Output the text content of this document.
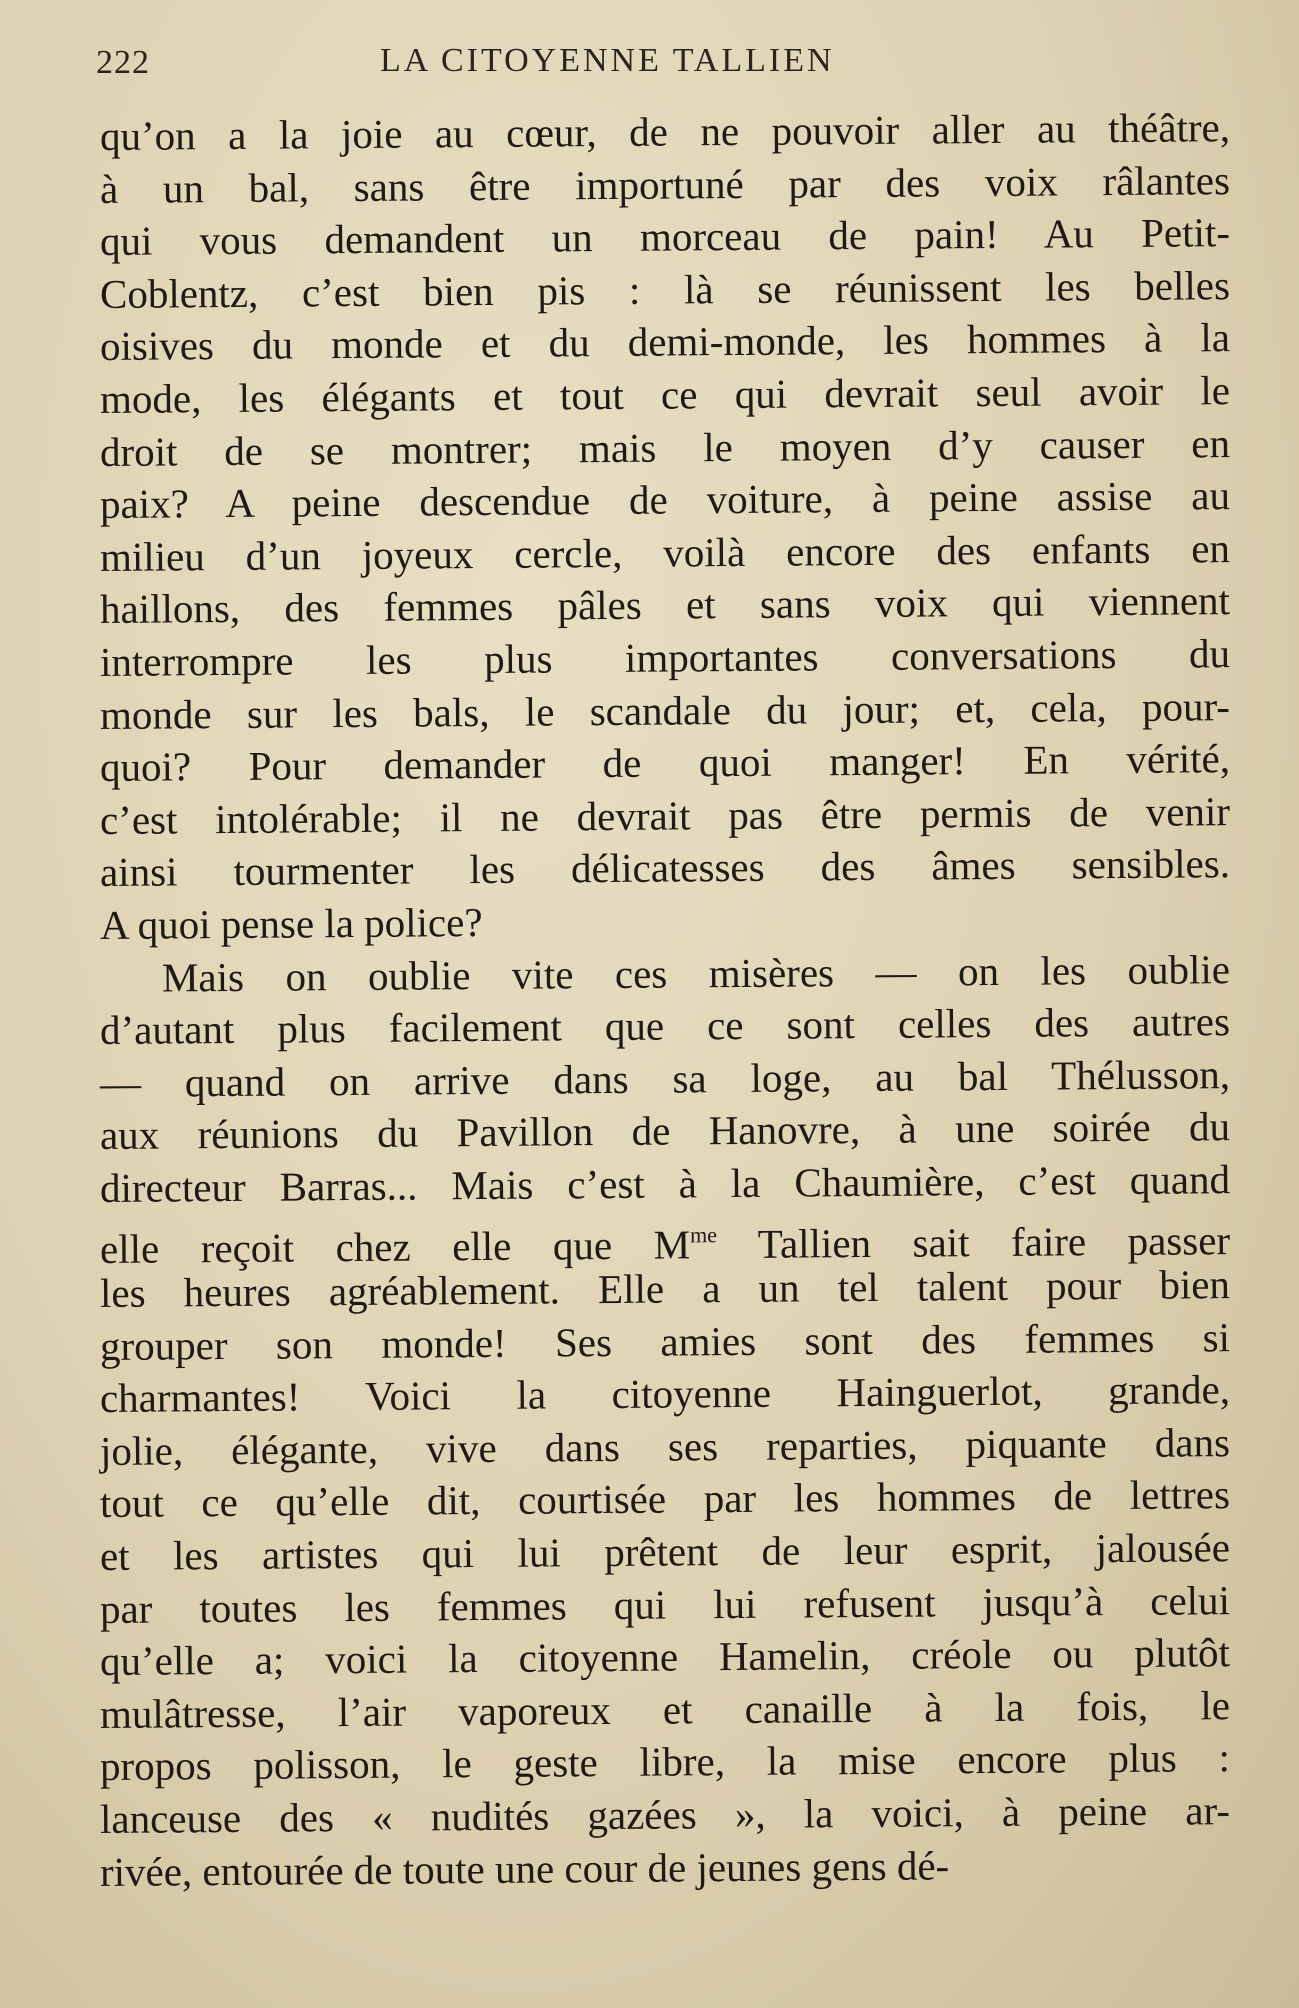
222	LA CITOYENNE TALLIEN
qu’on a la joie au cœur, de ne pouvoir aller au théâtre,
à un bal, sans être importuné par des voix râlantes
qui vous demandent un morceau de pain! Au Petit-
Coblentz, c’est bien pis : là se réunissent les belles
oisives du monde et du demi-monde, les hommes à la
mode, les élégants et tout ce qui devrait seul avoir le
droit de se montrer; mais le moyen d’y causer en
paix? A peine descendue de voiture, à peine assise au
milieu d’un joyeux cercle, voilà encore des enfants en
haillons, des femmes pâles et sans voix qui viennent
interrompre les plus importantes conversations du
monde sur les bals, le scandale du jour; et, cela, pour-
quoi? Pour demander de quoi manger! En vérité,
c’est intolérable; il ne devrait pas être permis de venir
ainsi tourmenter les délicatesses des âmes sensibles.
A quoi pense la police?
Mais on oublie vite ces misères — on les oublie
d’autant plus facilement que ce sont celles des autres
— quand on arrive dans sa loge, au bal Thélusson,
aux réunions du Pavillon de Hanovre, à une soirée du
directeur Barras... Mais c’est à la Chaumière, c’est quand
elle reçoit chez elle que $M^{me}$ Tallien sait faire passer
les heures agréablement. Elle a un tel talent pour bien
grouper son monde! Ses amies sont des femmes si
charmantes! Voici la citoyenne Hainguerlot, grande,
jolie, élégante, vive dans ses reparties, piquante dans
tout ce qu’elle dit, courtisée par les hommes de lettres
et les artistes qui lui prêtent de leur esprit, jalousée
par toutes les femmes qui lui refusent jusqu’à celui
qu’elle a; voici la citoyenne Hamelin, créole ou plutôt
mulâtresse, l’air vaporeux et canaille à la fois, le
propos polisson, le geste libre, la mise encore plus :
lanceuse des « nudités gazées », la voici, à peine ar-
rivée, entourée de toute une cour de jeunes gens dé-
